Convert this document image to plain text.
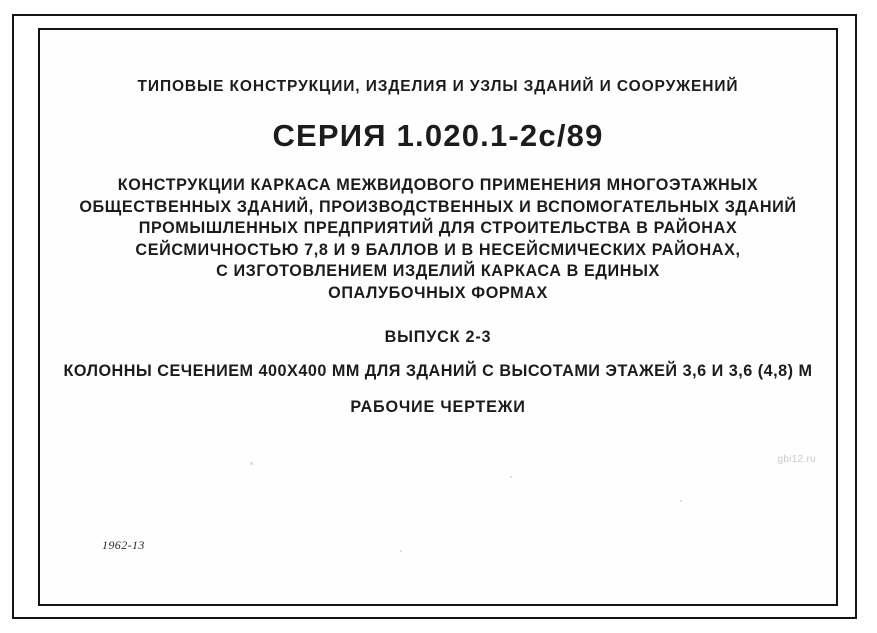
ТИПОВЫЕ КОНСТРУКЦИИ, ИЗДЕЛИЯ И УЗЛЫ ЗДАНИЙ И СООРУЖЕНИЙ
СЕРИЯ 1.020.1-2с/89
КОНСТРУКЦИИ КАРКАСА МЕЖВИДОВОГО ПРИМЕНЕНИЯ МНОГОЭТАЖНЫХ
ОБЩЕСТВЕННЫХ ЗДАНИЙ, ПРОИЗВОДСТВЕННЫХ И ВСПОМОГАТЕЛЬНЫХ ЗДАНИЙ
ПРОМЫШЛЕННЫХ ПРЕДПРИЯТИЙ ДЛЯ СТРОИТЕЛЬСТВА В РАЙОНАХ
СЕЙСМИЧНОСТЬЮ 7,8 И 9 БАЛЛОВ И В НЕСЕЙСМИЧЕСКИХ РАЙОНАХ,
С ИЗГОТОВЛЕНИЕМ ИЗДЕЛИЙ КАРКАСА В ЕДИНЫХ
ОПАЛУБОЧНЫХ ФОРМАХ
ВЫПУСК 2-3
КОЛОННЫ СЕЧЕНИЕМ 400Х400 ММ ДЛЯ ЗДАНИЙ С ВЫСОТАМИ ЭТАЖЕЙ 3,6 И 3,6 (4,8) М
РАБОЧИЕ ЧЕРТЕЖИ
1962-13
gbi12.ru
